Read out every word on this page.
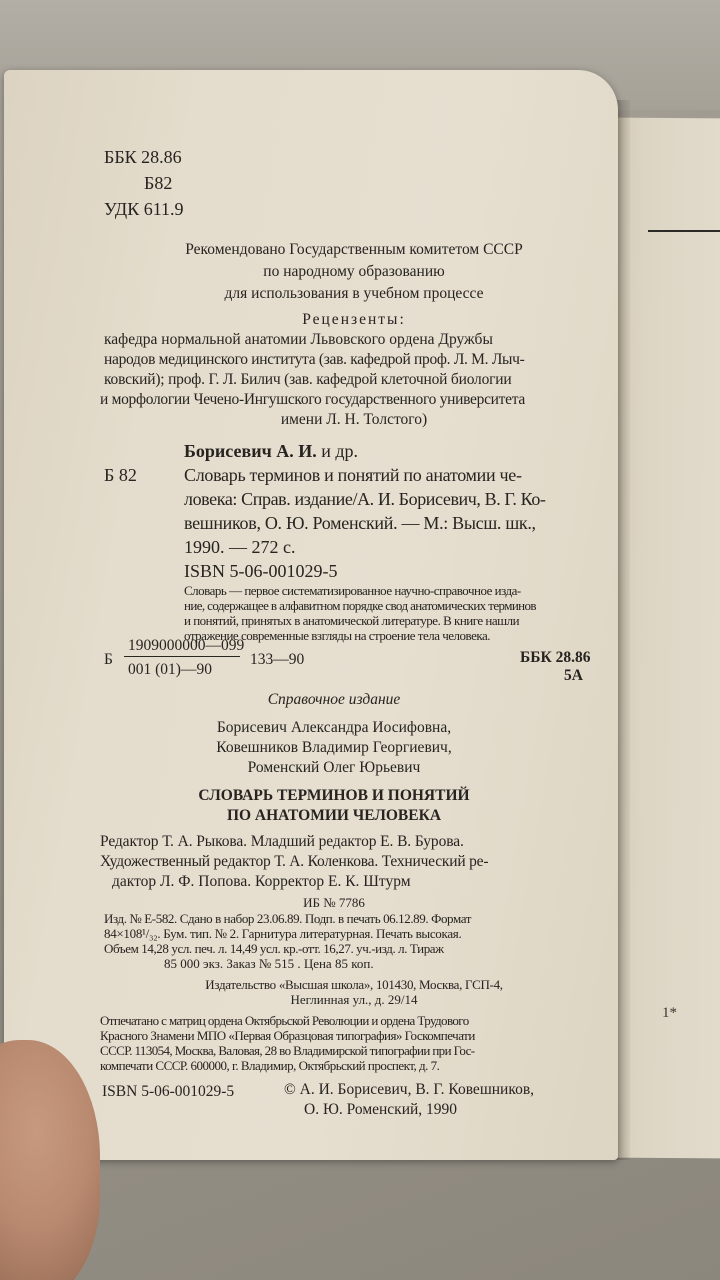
1*
ББК 28.86
Б82
УДК 611.9
Рекомендовано Государственным комитетом СССР
по народному образованию
для использования в учебном процессе
Рецензенты:
кафедра нормальной анатомии Львовского ордена Дружбы
народов медицинского института (зав. кафедрой проф. Л. М. Лыч-
ковский); проф. Г. Л. Билич (зав. кафедрой клеточной биологии
и морфологии Чечено-Ингушского государственного университета
имени Л. Н. Толстого)
Борисевич А. И. и др.
Б 82	Словарь терминов и понятий по анатомии че-
ловека: Справ. издание/А. И. Борисевич, В. Г. Ко-
вешников, О. Ю. Роменский. — М.: Высш. шк.,
1990. — 272 с.
ISBN 5-06-001029-5
Словарь — первое систематизированное научно-справочное изда-
ние, содержащее в алфавитном порядке свод анатомических терминов
и понятий, принятых в анатомической литературе. В книге нашли
отражение современные взгляды на строение тела человека.
Б
1909000000—099
001 (01)—90
133—90	ББК 28.86
5А
Справочное издание
Борисевич Александра Иосифовна,
Ковешников Владимир Георгиевич,
Роменский Олег Юрьевич
СЛОВАРЬ ТЕРМИНОВ И ПОНЯТИЙ
ПО АНАТОМИИ ЧЕЛОВЕКА
Редактор Т. А. Рыкова. Младший редактор Е. В. Бурова.
Художественный редактор Т. А. Коленкова. Технический ре-
дактор Л. Ф. Попова. Корректор Е. К. Штурм
ИБ № 7786
Изд. № Е-582. Сдано в набор 23.06.89. Подп. в печать 06.12.89. Формат
84×108¹/₃₂. Бум. тип. № 2. Гарнитура литературная. Печать высокая.
Объем 14,28 усл. печ. л. 14,49 усл. кр.-отт. 16,27. уч.-изд. л. Тираж
85 000 экз. Заказ № 515 . Цена 85 коп.
Издательство «Высшая школа», 101430, Москва, ГСП-4,
Неглинная ул., д. 29/14
Отпечатано с матриц ордена Октябрьской Революции и ордена Трудового
Красного Знамени МПО «Первая Образцовая типография» Госкомпечати
СССР. 113054, Москва, Валовая, 28 во Владимирской типографии при Гос-
компечати СССР. 600000, г. Владимир, Октябрьский проспект, д. 7.
ISBN 5-06-001029-5	© А. И. Борисевич, В. Г. Ковешников,
О. Ю. Роменский, 1990
